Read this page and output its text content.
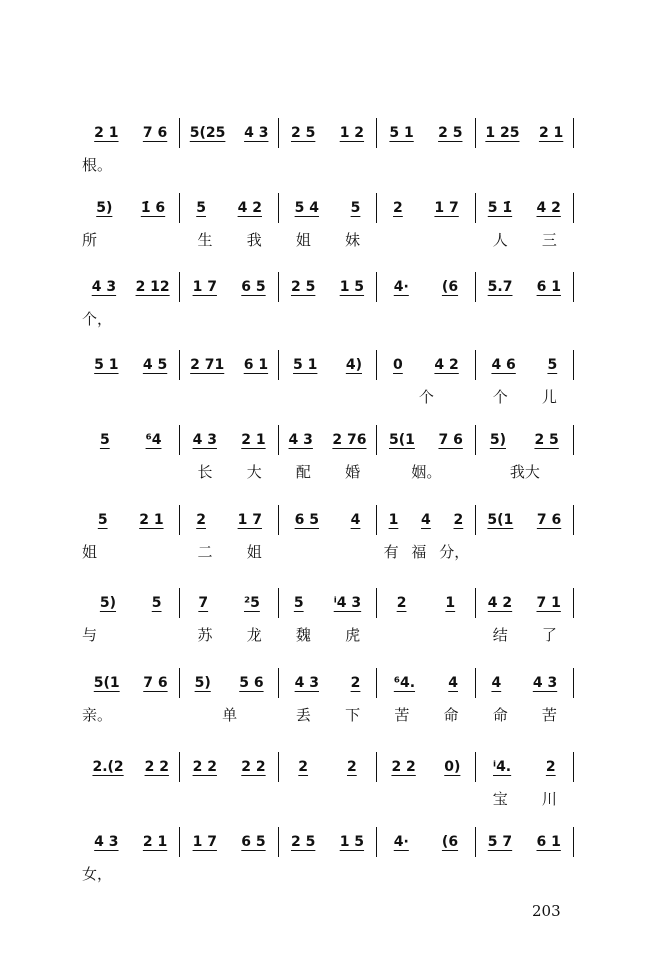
2 1 7 6 5(25 4 3 2 5 1 2 5 1 2 5 1 25 2 1
根。
5) 1̇ 6 5 4 2 5 4 5 2 1 7 5 1̇ 4 2
所	生 我 姐 妹	人 三
4 3 2 12 1 7 6 5 2 5 1 5 4· (6 5.7 6 1
个，
5 1 4 5 2 71 6 1 5 1 4) 0 4 2 4 6 5
个	个 儿
5	⁶4 4 3 2 1 4 3 2 76 5(1 7 6 5) 2 5
长 大 配 婚	姻。	我大
5 2 1 2 1 7 6 5 4 1 4 2 5(1 7 6
姐	二 姐	有 福 分，
5)	5	7	²5 5 ⁱ4 3	2	1 4 2 7 1
与	苏 龙 魏 虎	结 了
5(1 7 6 5) 5 6 4 3 2 ⁶4. 4 4 4 3
亲。	单	丢 下 苦 命 命 苦
2.(2 2 2 2 2 2 2 2	2 2 2 0) ⁱ4. 2
宝 川
4 3 2 1 1 7 6 5 2 5 1 5 4· (6 5 7 6 1
女，
203
